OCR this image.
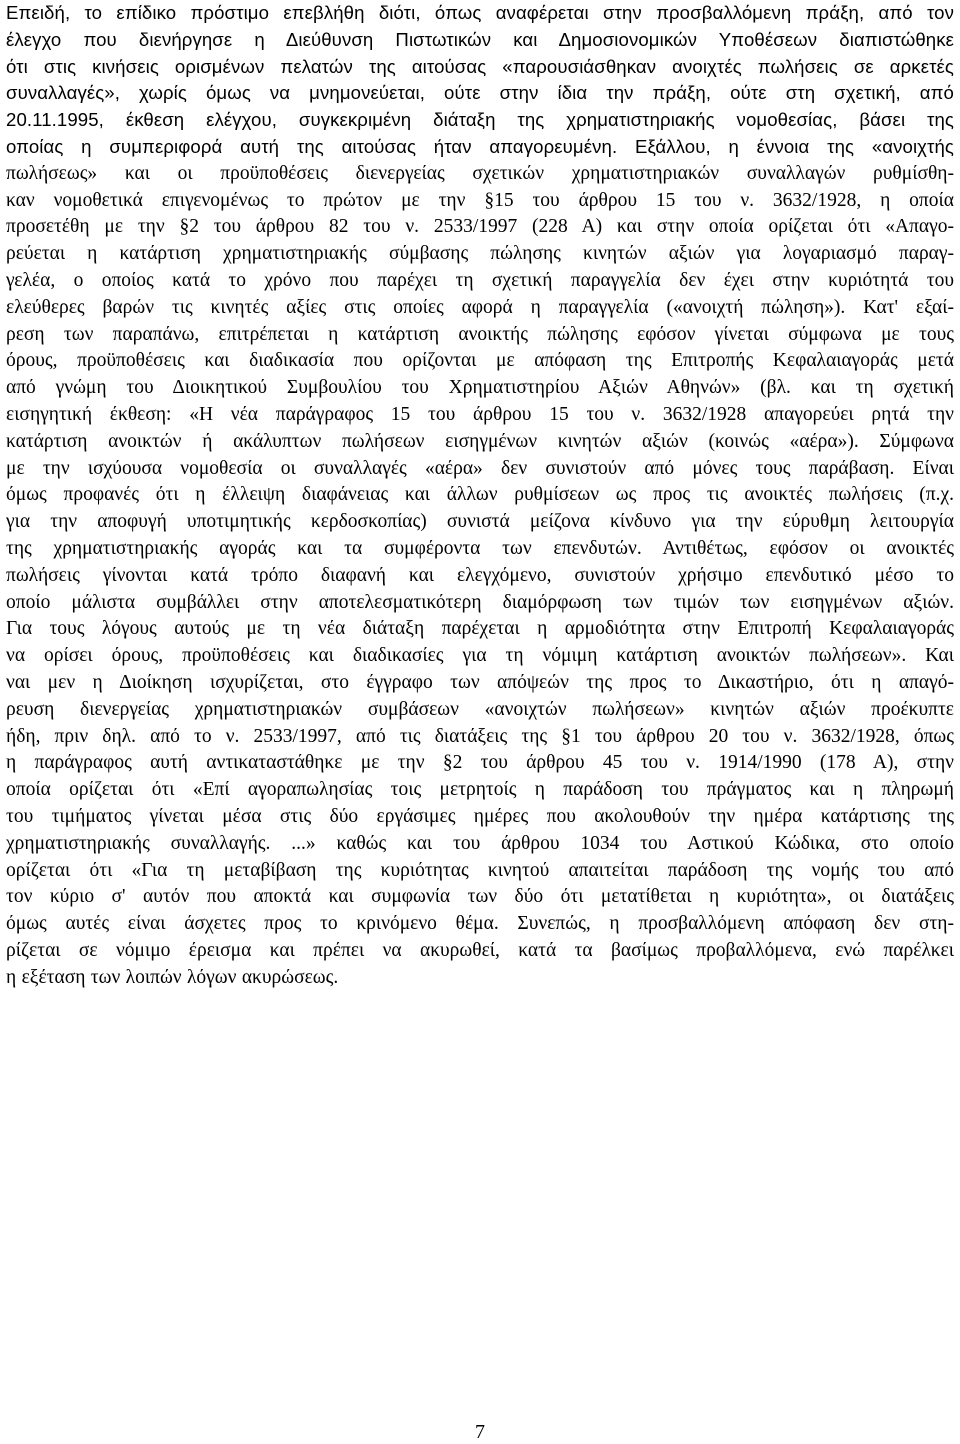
Επειδή, το επίδικο πρόστιμο επεβλήθη διότι, όπως αναφέρεται στην προσβαλλόμενη πράξη, από τον
έλεγχο που διενήργησε η Διεύθυνση Πιστωτικών και Δημοσιονομικών Υποθέσεων διαπιστώθηκε
ότι στις κινήσεις ορισμένων πελατών της αιτούσας «παρουσιάσθηκαν ανοιχτές πωλήσεις σε αρκετές
συναλλαγές», χωρίς όμως να μνημονεύεται, ούτε στην ίδια την πράξη, ούτε στη σχετική, από
20.11.1995, έκθεση ελέγχου, συγκεκριμένη διάταξη της χρηματιστηριακής νομοθεσίας, βάσει της
οποίας η συμπεριφορά αυτή της αιτούσας ήταν απαγορευμένη. Εξάλλου, η έννοια της «ανοιχτής
πωλήσεως» και οι προϋποθέσεις διενεργείας σχετικών χρηματιστηριακών συναλλαγών ρυθμίσθη-
καν νομοθετικά επιγενομένως το πρώτον με την §15 του άρθρου 15 του ν. 3632/1928, η οποία
προσετέθη με την §2 του άρθρου 82 του ν. 2533/1997 (228 Α) και στην οποία ορίζεται ότι «Απαγο-
ρεύεται η κατάρτιση χρηματιστηριακής σύμβασης πώλησης κινητών αξιών για λογαριασμό παραγ-
γελέα, ο οποίος κατά το χρόνο που παρέχει τη σχετική παραγγελία δεν έχει στην κυριότητά του
ελεύθερες βαρών τις κινητές αξίες στις οποίες αφορά η παραγγελία («ανοιχτή πώληση»). Κατ' εξαί-
ρεση των παραπάνω, επιτρέπεται η κατάρτιση ανοικτής πώλησης εφόσον γίνεται σύμφωνα με τους
όρους, προϋποθέσεις και διαδικασία που ορίζονται με απόφαση της Επιτροπής Κεφαλαιαγοράς μετά
από γνώμη του Διοικητικού Συμβουλίου του Χρηματιστηρίου Αξιών Αθηνών» (βλ. και τη σχετική
εισηγητική έκθεση: «Η νέα παράγραφος 15 του άρθρου 15 του ν. 3632/1928 απαγορεύει ρητά την
κατάρτιση ανοικτών ή ακάλυπτων πωλήσεων εισηγμένων κινητών αξιών (κοινώς «αέρα»). Σύμφωνα
με την ισχύουσα νομοθεσία οι συναλλαγές «αέρα» δεν συνιστούν από μόνες τους παράβαση. Είναι
όμως προφανές ότι η έλλειψη διαφάνειας και άλλων ρυθμίσεων ως προς τις ανοικτές πωλήσεις (π.χ.
για την αποφυγή υποτιμητικής κερδοσκοπίας) συνιστά μείζονα κίνδυνο για την εύρυθμη λειτουργία
της χρηματιστηριακής αγοράς και τα συμφέροντα των επενδυτών. Αντιθέτως, εφόσον οι ανοικτές
πωλήσεις γίνονται κατά τρόπο διαφανή και ελεγχόμενο, συνιστούν χρήσιμο επενδυτικό μέσο το
οποίο μάλιστα συμβάλλει στην αποτελεσματικότερη διαμόρφωση των τιμών των εισηγμένων αξιών.
Για τους λόγους αυτούς με τη νέα διάταξη παρέχεται η αρμοδιότητα στην Επιτροπή Κεφαλαιαγοράς
να ορίσει όρους, προϋποθέσεις και διαδικασίες για τη νόμιμη κατάρτιση ανοικτών πωλήσεων». Και
ναι μεν η Διοίκηση ισχυρίζεται, στο έγγραφο των απόψεών της προς το Δικαστήριο, ότι η απαγό-
ρευση διενεργείας χρηματιστηριακών συμβάσεων «ανοιχτών πωλήσεων» κινητών αξιών προέκυπτε
ήδη, πριν δηλ. από το ν. 2533/1997, από τις διατάξεις της §1 του άρθρου 20 του ν. 3632/1928, όπως
η παράγραφος αυτή αντικαταστάθηκε με την §2 του άρθρου 45 του ν. 1914/1990 (178 Α), στην
οποία ορίζεται ότι «Επί αγοραπωλησίας τοις μετρητοίς η παράδοση του πράγματος και η πληρωμή
του τιμήματος γίνεται μέσα στις δύο εργάσιμες ημέρες που ακολουθούν την ημέρα κατάρτισης της
χρηματιστηριακής συναλλαγής. ...» καθώς και του άρθρου 1034 του Αστικού Κώδικα, στο οποίο
ορίζεται ότι «Για τη μεταβίβαση της κυριότητας κινητού απαιτείται παράδοση της νομής του από
τον κύριο σ' αυτόν που αποκτά και συμφωνία των δύο ότι μετατίθεται η κυριότητα», οι διατάξεις
όμως αυτές είναι άσχετες προς το κρινόμενο θέμα. Συνεπώς, η προσβαλλόμενη απόφαση δεν στη-
ρίζεται σε νόμιμο έρεισμα και πρέπει να ακυρωθεί, κατά τα βασίμως προβαλλόμενα, ενώ παρέλκει
η εξέταση των λοιπών λόγων ακυρώσεως.
7
